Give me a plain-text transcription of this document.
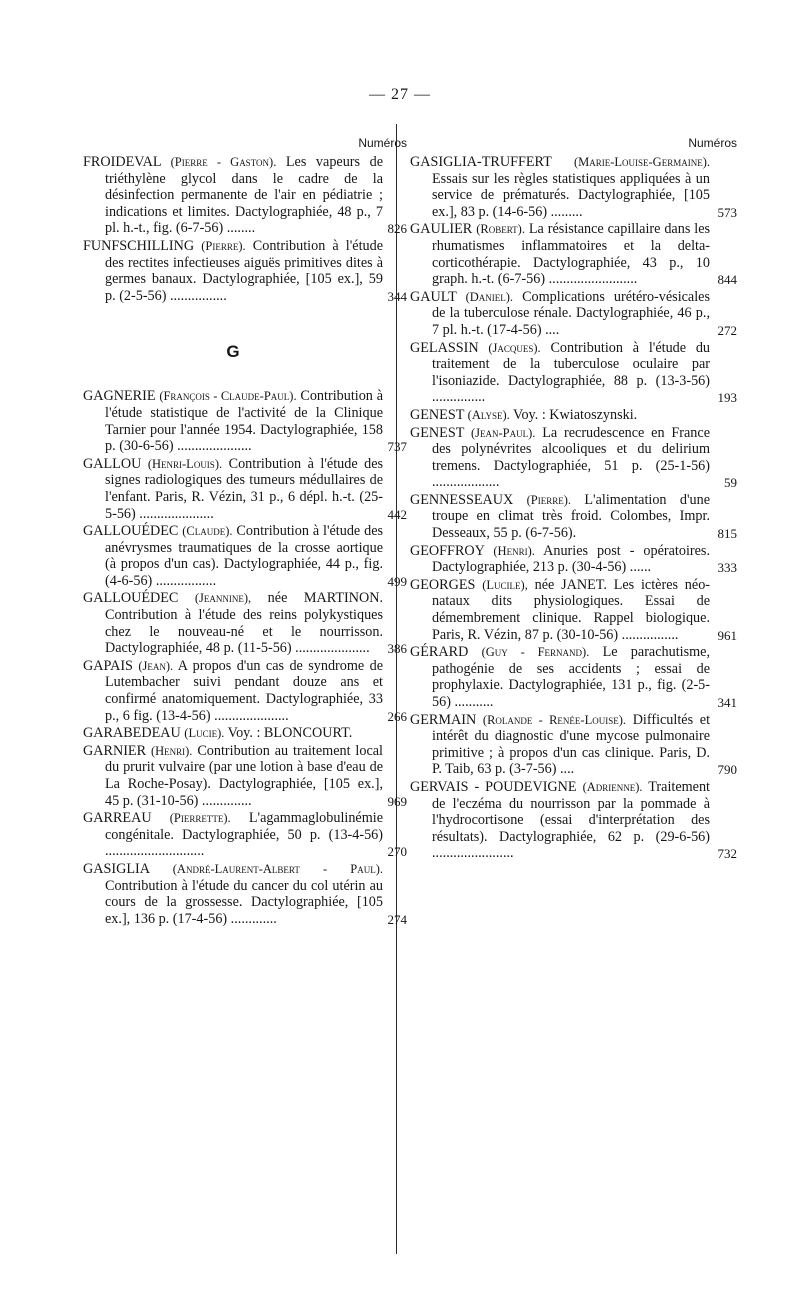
— 27 —
Numéros
FROIDEVAL (Pierre - Gaston). Les vapeurs de triéthylène glycol dans le cadre de la désinfection permanente de l'air en pédiatrie ; indications et limites. Dactylographiée, 48 p., 7 pl. h.-t., fig. (6-7-56) ........	826
FUNFSCHILLING (Pierre). Contribution à l'étude des rectites infectieuses aiguës primitives dites à germes banaux. Dactylographiée, [105 ex.], 59 p. (2-5-56) ................	344
G
GAGNERIE (François - Claude-Paul). Contribution à l'étude statistique de l'activité de la Clinique Tarnier pour l'année 1954. Dactylographiée, 158 p. (30-6-56) .....................	737
GALLOU (Henri-Louis). Contribution à l'étude des signes radiologiques des tumeurs médullaires de l'enfant. Paris, R. Vézin, 31 p., 6 dépl. h.-t. (25-5-56) .....................	442
GALLOUÉDEC (Claude). Contribution à l'étude des anévrysmes traumatiques de la crosse aortique (à propos d'un cas). Dactylographiée, 44 p., fig. (4-6-56) .................	499
GALLOUÉDEC (Jeannine), née MARTINON. Contribution à l'étude des reins polykystiques chez le nouveau-né et le nourrisson. Dactylographiée, 48 p. (11-5-56) ..................... 386
GAPAIS (Jean). A propos d'un cas de syndrome de Lutembacher suivi pendant douze ans et confirmé anatomiquement. Dactylographiée, 33 p., 6 fig. (13-4-56) .....................	266
GARABEDEAU (Lucie). Voy. : BLONCOURT.
GARNIER (Henri). Contribution au traitement local du prurit vulvaire (par une lotion à base d'eau de La Roche-Posay). Dactylographiée, [105 ex.], 45 p. (31-10-56) ..............	969
GARREAU (Pierrette). L'agammaglobulinémie congénitale. Dactylographiée, 50 p. (13-4-56) ............................	270
GASIGLIA (André-Laurent-Albert - Paul). Contribution à l'étude du cancer du col utérin au cours de la grossesse. Dactylographiée, [105 ex.], 136 p. (17-4-56) .............	274
Numéros
GASIGLIA-TRUFFERT (Marie-Louise-Germaine). Essais sur les règles statistiques appliquées à un service de prématurés. Dactylographiée, [105 ex.], 83 p. (14-6-56) .........	573
GAULIER (Robert). La résistance capillaire dans les rhumatismes inflammatoires et la delta-corticothérapie. Dactylographiée, 43 p., 10 graph. h.-t. (6-7-56) .........................	844
GAULT (Daniel). Complications urétéro-vésicales de la tuberculose rénale. Dactylographiée, 46 p., 7 pl. h.-t. (17-4-56) ....	272
GELASSIN (Jacques). Contribution à l'étude du traitement de la tuberculose oculaire par l'isoniazide. Dactylographiée, 88 p. (13-3-56) ...............	193
GENEST (Alyse). Voy. : Kwiatoszynski.
GENEST (Jean-Paul). La recrudescence en France des polynévrites alcooliques et du delirium tremens. Dactylographiée, 51 p. (25-1-56) ...................	59
GENNESSEAUX (Pierre). L'alimentation d'une troupe en climat très froid. Colombes, Impr. Desseaux, 55 p. (6-7-56).	815
GEOFFROY (Henri). Anuries post - opératoires. Dactylographiée, 213 p. (30-4-56) ......	333
GEORGES (Lucile), née JANET. Les ictères néo-nataux dits physiologiques. Essai de démembrement clinique. Rappel biologique. Paris, R. Vézin, 87 p. (30-10-56) ................	961
GÉRARD (Guy - Fernand). Le parachutisme, pathogénie de ses accidents ; essai de prophylaxie. Dactylographiée, 131 p., fig. (2-5-56) ...........	341
GERMAIN (Rolande - Renée-Louise). Difficultés et intérêt du diagnostic d'une mycose pulmonaire primitive ; à propos d'un cas clinique. Paris, D. P. Taib, 63 p. (3-7-56) ....	790
GERVAIS - POUDEVIGNE (Adrienne). Traitement de l'eczéma du nourrisson par la pommade à l'hydrocortisone (essai d'interprétation des résultats). Dactylographiée, 62 p. (29-6-56) .......................	732
